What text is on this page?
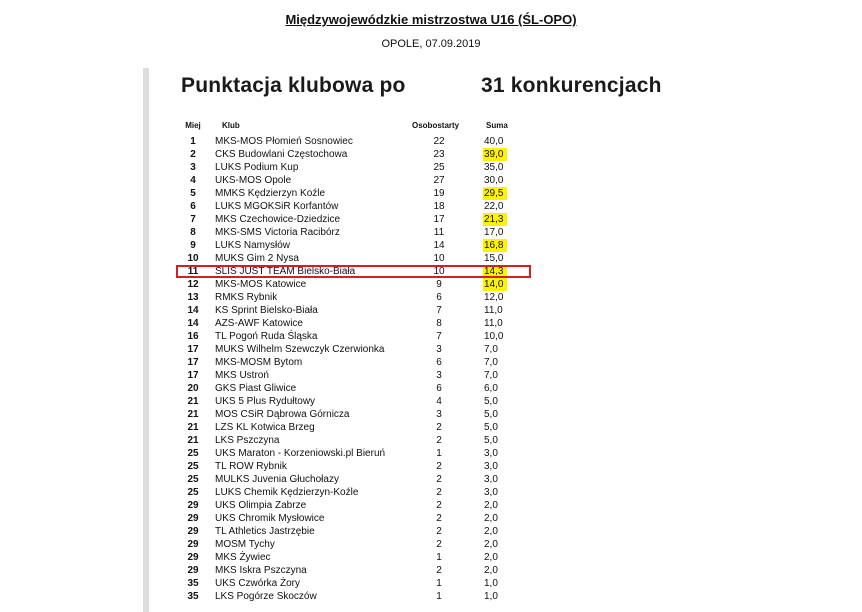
Międzywojewódzkie mistrzostwa U16 (ŚL-OPO)
OPOLE, 07.09.2019
Punktacja klubowa po	31 konkurencjach
Miej	Klub	Osobostarty	Suma
1	MKS-MOS Płomień Sosnowiec	22	40,0
2	CKS Budowlani Częstochowa	23	39,0
3	LUKS Podium Kup	25	35,0
4	UKS-MOS Opole	27	30,0
5	MMKS Kędzierzyn Koźle	19	29,5
6	LUKS MGOKSiR Korfantów	18	22,0
7	MKS Czechowice-Dziedzice	17	21,3
8	MKS-SMS Victoria Racibórz	11	17,0
9	LUKS Namysłów	14	16,8
10	MUKS Gim 2 Nysa	10	15,0
11	SLIS JUST TEAM Bielsko-Biała	10	14,3
12	MKS-MOS Katowice	9	14,0
13	RMKS Rybnik	6	12,0
14	KS Sprint Bielsko-Biała	7	11,0
14	AZS-AWF Katowice	8	11,0
16	TL Pogoń Ruda Śląska	7	10,0
17	MUKS Wilhelm Szewczyk Czerwionka	3	7,0
17	MKS-MOSM Bytom	6	7,0
17	MKS Ustroń	3	7,0
20	GKS Piast Gliwice	6	6,0
21	UKS 5 Plus Rydułtowy	4	5,0
21	MOS CSiR Dąbrowa Górnicza	3	5,0
21	LZS KL Kotwica Brzeg	2	5,0
21	LKS Pszczyna	2	5,0
25	UKS Maraton - Korzeniowski.pl Bieruń	1	3,0
25	TL ROW Rybnik	2	3,0
25	MULKS Juvenia Głuchołazy	2	3,0
25	LUKS Chemik Kędzierzyn-Koźle	2	3,0
29	UKS Olimpia Zabrze	2	2,0
29	UKS Chromik Mysłowice	2	2,0
29	TL Athletics Jastrzębie	2	2,0
29	MOSM Tychy	2	2,0
29	MKS Żywiec	1	2,0
29	MKS Iskra Pszczyna	2	2,0
35	UKS Czwórka Żory	1	1,0
35	LKS Pogórze Skoczów	1	1,0
